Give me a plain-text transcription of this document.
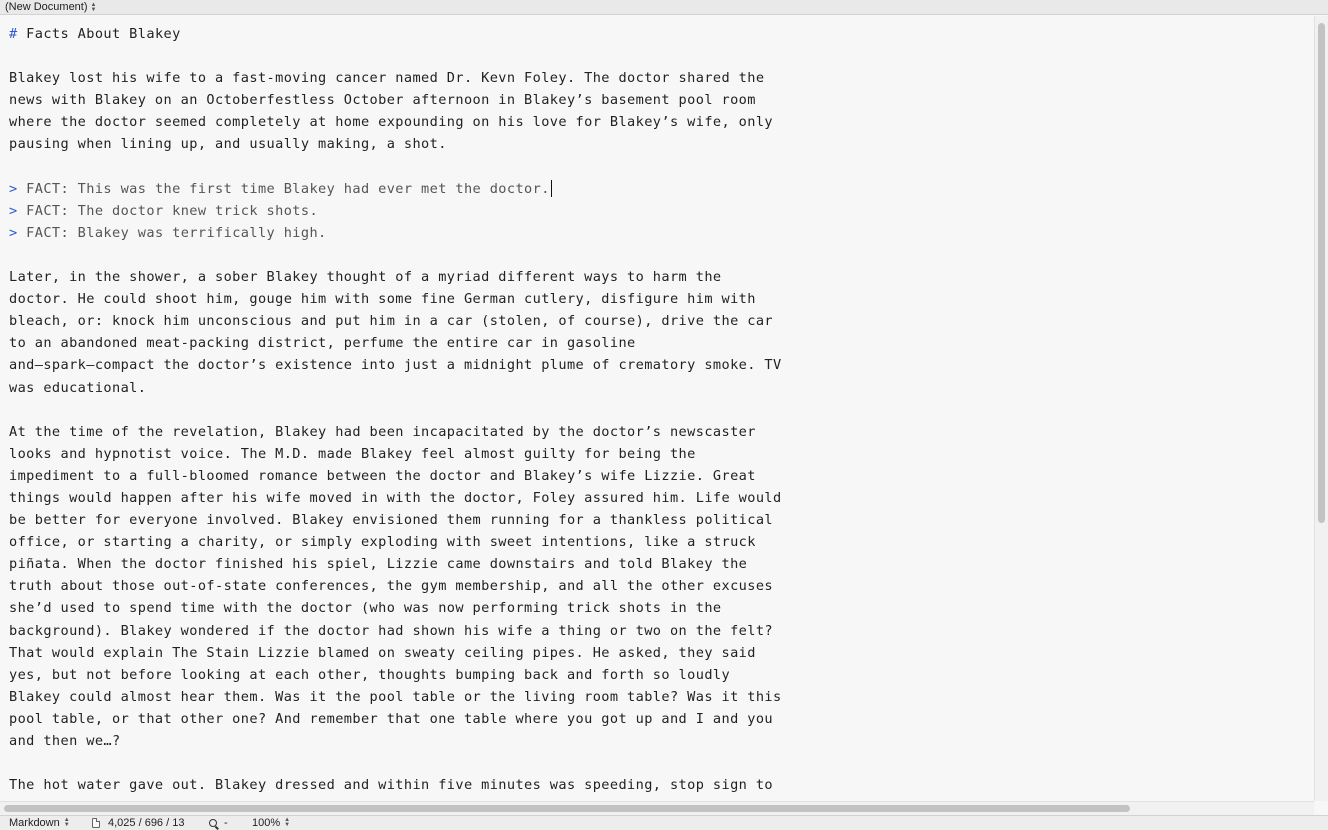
(New Document) ▲
▼
# Facts About Blakey
Blakey lost his wife to a fast-moving cancer named Dr. Kevn Foley. The doctor shared the
news with Blakey on an Octoberfestless October afternoon in Blakey’s basement pool room
where the doctor seemed completely at home expounding on his love for Blakey’s wife, only
pausing when lining up, and usually making, a shot.
> FACT: This was the first time Blakey had ever met the doctor.
> FACT: The doctor knew trick shots.
> FACT: Blakey was terrifically high.
Later, in the shower, a sober Blakey thought of a myriad different ways to harm the
doctor. He could shoot him, gouge him with some fine German cutlery, disfigure him with
bleach, or: knock him unconscious and put him in a car (stolen, of course), drive the car
to an abandoned meat-packing district, perfume the entire car in gasoline
and—spark—compact the doctor’s existence into just a midnight plume of crematory smoke. TV
was educational.
At the time of the revelation, Blakey had been incapacitated by the doctor’s newscaster
looks and hypnotist voice. The M.D. made Blakey feel almost guilty for being the
impediment to a full-bloomed romance between the doctor and Blakey’s wife Lizzie. Great
things would happen after his wife moved in with the doctor, Foley assured him. Life would
be better for everyone involved. Blakey envisioned them running for a thankless political
office, or starting a charity, or simply exploding with sweet intentions, like a struck
piñata. When the doctor finished his spiel, Lizzie came downstairs and told Blakey the
truth about those out-of-state conferences, the gym membership, and all the other excuses
she’d used to spend time with the doctor (who was now performing trick shots in the
background). Blakey wondered if the doctor had shown his wife a thing or two on the felt?
That would explain The Stain Lizzie blamed on sweaty ceiling pipes. He asked, they said
yes, but not before looking at each other, thoughts bumping back and forth so loudly
Blakey could almost hear them. Was it the pool table or the living room table? Was it this
pool table, or that other one? And remember that one table where you got up and I and you
and then we…?
The hot water gave out. Blakey dressed and within five minutes was speeding, stop sign to
Markdown ▲
▼	4,025 / 696 / 13	- 100% ▲
▼
